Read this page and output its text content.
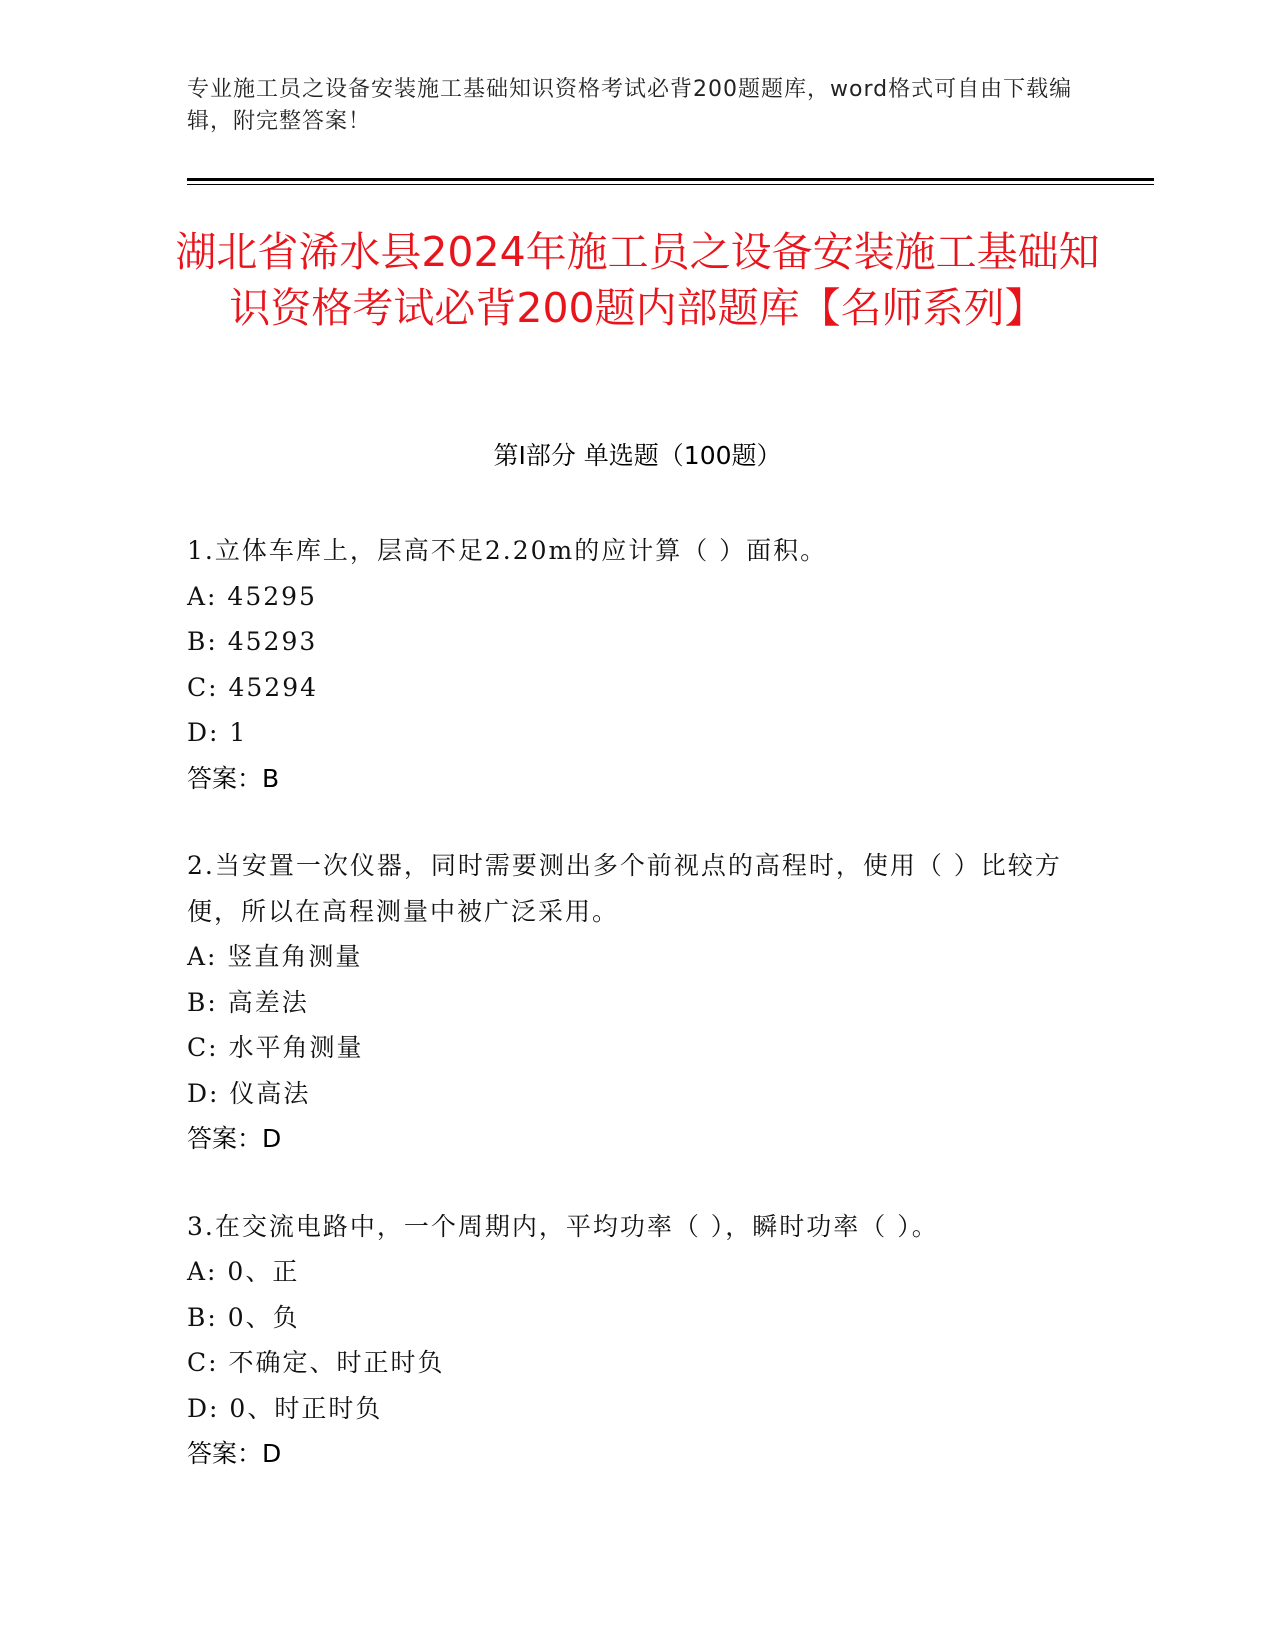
专业施工员之设备安装施工基础知识资格考试必背200题题库，word格式可自由下载编辑，附完整答案！
湖北省浠水县2024年施工员之设备安装施工基础知识资格考试必背200题内部题库【名师系列】
第Ⅰ部分 单选题（100题）

1.立体车库上，层高不足2.20m的应计算（ ）面积。

A: 45295

B: 45293

C: 45294

D: 1

答案：B

2.当安置一次仪器，同时需要测出多个前视点的高程时，使用（ ）比较方便，所以在高程测量中被广泛采用。

A: 竖直角测量

B: 高差法

C: 水平角测量

D: 仪高法

答案：D

3.在交流电路中，一个周期内，平均功率（ ），瞬时功率（ ）。

A: 0、正

B: 0、负

C: 不确定、时正时负

D: 0、时正时负

答案：D
